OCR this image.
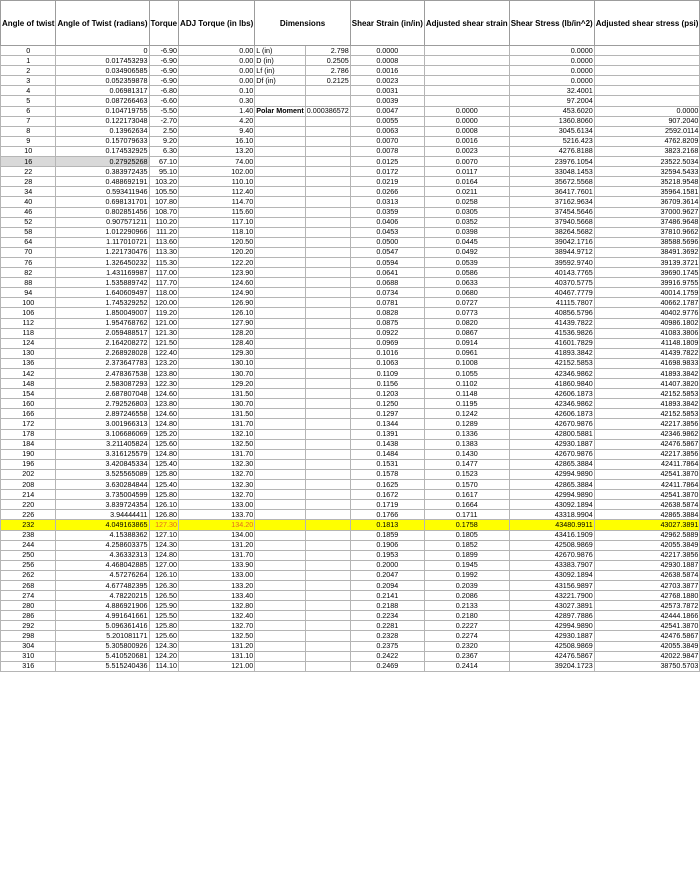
Angle of twist	Angle of Twist (radians)	Torque	ADJ Torque (in lbs)	Dimensions		Shear Strain (in/in)	Adjusted shear strain	Shear Stress (lb/in^2)	Adjusted shear stress (psi)
0	0	-6.90	0.00	L (in)	2.798	0.0000		0.0000	
1	0.017453293	-6.90	0.00	D (in)	0.2505	0.0008		0.0000	
2	0.034906585	-6.90	0.00	Lf (in)	2.786	0.0016		0.0000	
3	0.052359878	-6.90	0.00	Df (in)	0.2125	0.0023		0.0000	
4	0.06981317	-6.80	0.10			0.0031		32.4001	
5	0.087266463	-6.60	0.30			0.0039		97.2004	
6	0.104719755	-5.50	1.40	Polar Moment	0.000386572	0.0047	0.0000	453.6020	0.0000
7	0.122173048	-2.70	4.20			0.0055	0.0000	1360.8060	907.2040
8	0.13962634	2.50	9.40			0.0063	0.0008	3045.6134	2592.0114
9	0.157079633	9.20	16.10			0.0070	0.0016	5216.423	4762.8209
10	0.174532925	6.30	13.20			0.0078	0.0023	4276.8188	3823.2168
16	0.27925268	67.10	74.00			0.0125	0.0070	23976.1054	23522.5034
22	0.383972435	95.10	102.00			0.0172	0.0117	33048.1453	32594.5433
28	0.488692191	103.20	110.10			0.0219	0.0164	35672.5568	35218.9548
34	0.593411946	105.50	112.40			0.0266	0.0211	36417.7601	35964.1581
40	0.698131701	107.80	114.70			0.0313	0.0258	37162.9634	36709.3614
46	0.802851456	108.70	115.60			0.0359	0.0305	37454.5646	37000.9627
52	0.907571211	110.20	117.10			0.0406	0.0352	37940.5668	37486.9648
58	1.012290966	111.20	118.10			0.0453	0.0398	38264.5682	37810.9662
64	1.117010721	113.60	120.50			0.0500	0.0445	39042.1716	38588.5696
70	1.221730476	113.30	120.20			0.0547	0.0492	38944.9712	38491.3692
76	1.326450232	115.30	122.20			0.0594	0.0539	39592.9740	39139.3721
82	1.431169987	117.00	123.90			0.0641	0.0586	40143.7765	39690.1745
88	1.535889742	117.70	124.60			0.0688	0.0633	40370.5775	39916.9755
94	1.640609497	118.00	124.90			0.0734	0.0680	40467.7779	40014.1759
100	1.745329252	120.00	126.90			0.0781	0.0727	41115.7807	40662.1787
106	1.850049007	119.20	126.10			0.0828	0.0773	40856.5796	40402.9776
112	1.954768762	121.00	127.90			0.0875	0.0820	41439.7822	40986.1802
118	2.059488517	121.30	128.20			0.0922	0.0867	41536.9826	41083.3806
124	2.164208272	121.50	128.40			0.0969	0.0914	41601.7829	41148.1809
130	2.268928028	122.40	129.30			0.1016	0.0961	41893.3842	41439.7822
136	2.373647783	123.20	130.10			0.1063	0.1008	42152.5853	41698.9833
142	2.478367538	123.80	130.70			0.1109	0.1055	42346.9862	41893.3842
148	2.583087293	122.30	129.20			0.1156	0.1102	41860.9840	41407.3820
154	2.687807048	124.60	131.50			0.1203	0.1148	42606.1873	42152.5853
160	2.792526803	123.80	130.70			0.1250	0.1195	42346.9862	41893.3842
166	2.897246558	124.60	131.50			0.1297	0.1242	42606.1873	42152.5853
172	3.001966313	124.80	131.70			0.1344	0.1289	42670.9876	42217.3856
178	3.106686069	125.20	132.10			0.1391	0.1336	42800.5881	42346.9862
184	3.211405824	125.60	132.50			0.1438	0.1383	42930.1887	42476.5867
190	3.316125579	124.80	131.70			0.1484	0.1430	42670.9876	42217.3856
196	3.420845334	125.40	132.30			0.1531	0.1477	42865.3884	42411.7864
202	3.525565089	125.80	132.70			0.1578	0.1523	42994.9890	42541.3870
208	3.630284844	125.40	132.30			0.1625	0.1570	42865.3884	42411.7864
214	3.735004599	125.80	132.70			0.1672	0.1617	42994.9890	42541.3870
220	3.839724354	126.10	133.00			0.1719	0.1664	43092.1894	42638.5874
226	3.94444411	126.80	133.70			0.1766	0.1711	43318.9904	42865.3884
232	4.049163865	127.30	134.20			0.1813	0.1758	43480.9911	43027.3891
238	4.15388362	127.10	134.00			0.1859	0.1805	43416.1909	42962.5889
244	4.258603375	124.30	131.20			0.1906	0.1852	42508.9869	42055.3849
250	4.36332313	124.80	131.70			0.1953	0.1899	42670.9876	42217.3856
256	4.468042885	127.00	133.90			0.2000	0.1945	43383.7907	42930.1887
262	4.57276264	126.10	133.00			0.2047	0.1992	43092.1894	42638.5874
268	4.677482395	126.30	133.20			0.2094	0.2039	43156.9897	42703.3877
274	4.78220215	126.50	133.40			0.2141	0.2086	43221.7900	42768.1880
280	4.886921906	125.90	132.80			0.2188	0.2133	43027.3891	42573.7872
286	4.991641661	125.50	132.40			0.2234	0.2180	42897.7886	42444.1866
292	5.096361416	125.80	132.70			0.2281	0.2227	42994.9890	42541.3870
298	5.201081171	125.60	132.50			0.2328	0.2274	42930.1887	42476.5867
304	5.305800926	124.30	131.20			0.2375	0.2320	42508.9869	42055.3849
310	5.410520681	124.20	131.10			0.2422	0.2367	42476.5867	42022.9847
316	5.515240436	114.10	121.00			0.2469	0.2414	39204.1723	38750.5703
